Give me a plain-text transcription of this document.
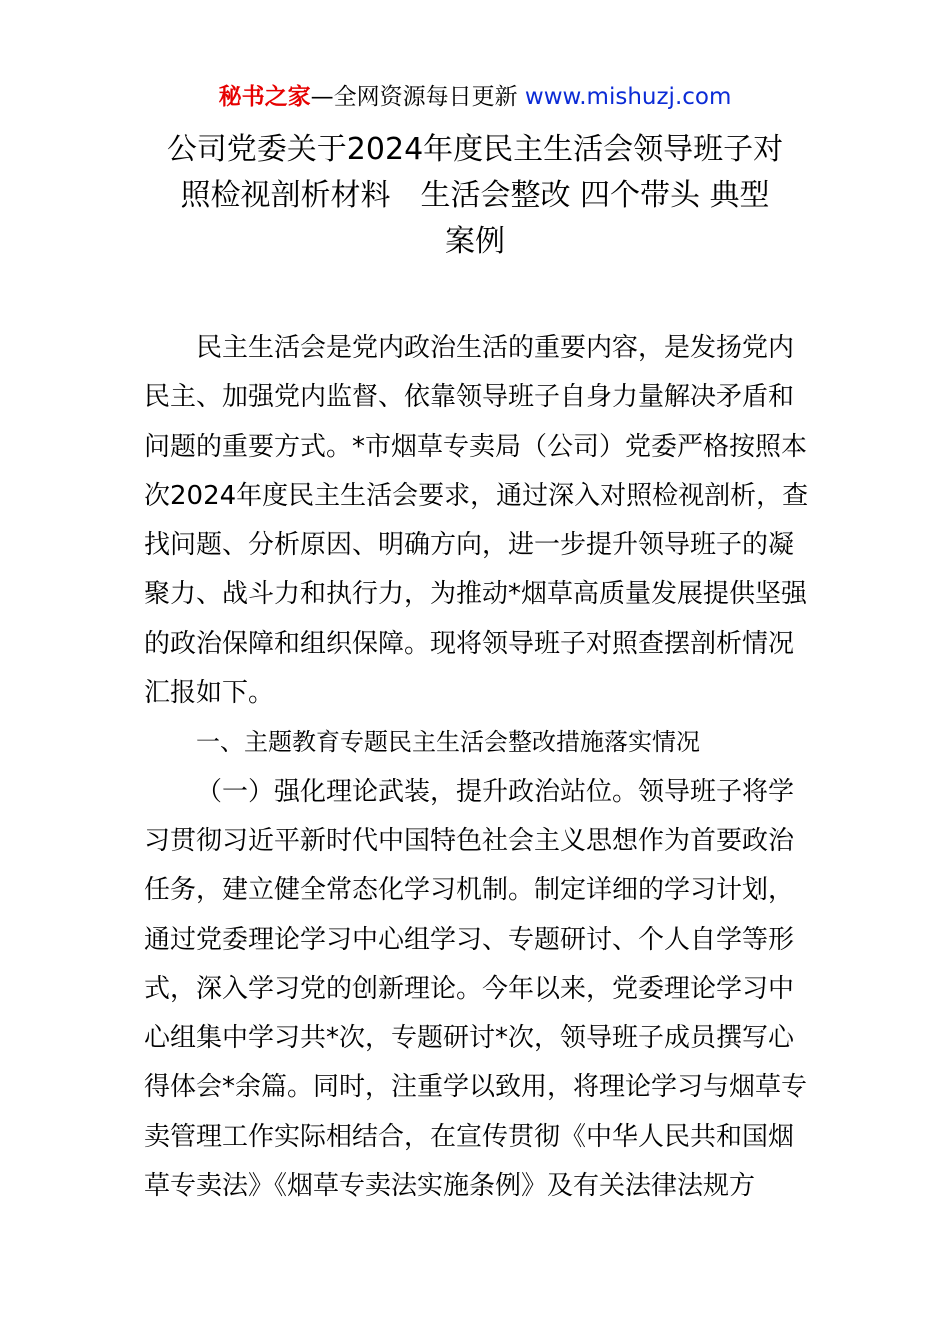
秘书之家—全网资源每日更新 www.mishuzj.com
公司党委关于2024年度民主生活会领导班子对
照检视剖析材料　生活会整改 四个带头 典型
案例
民主生活会是党内政治生活的重要内容，是发扬党内
民主、加强党内监督、依靠领导班子自身力量解决矛盾和
问题的重要方式。*市烟草专卖局（公司）党委严格按照本
次2024年度民主生活会要求，通过深入对照检视剖析，查
找问题、分析原因、明确方向，进一步提升领导班子的凝
聚力、战斗力和执行力，为推动*烟草高质量发展提供坚强
的政治保障和组织保障。现将领导班子对照查摆剖析情况
汇报如下。
一、主题教育专题民主生活会整改措施落实情况
（一）强化理论武装，提升政治站位。领导班子将学
习贯彻习近平新时代中国特色社会主义思想作为首要政治
任务，建立健全常态化学习机制。制定详细的学习计划，
通过党委理论学习中心组学习、专题研讨、个人自学等形
式，深入学习党的创新理论。今年以来，党委理论学习中
心组集中学习共*次，专题研讨*次，领导班子成员撰写心
得体会*余篇。同时，注重学以致用，将理论学习与烟草专
卖管理工作实际相结合，在宣传贯彻《中华人民共和国烟
草专卖法》《烟草专卖法实施条例》及有关法律法规方
